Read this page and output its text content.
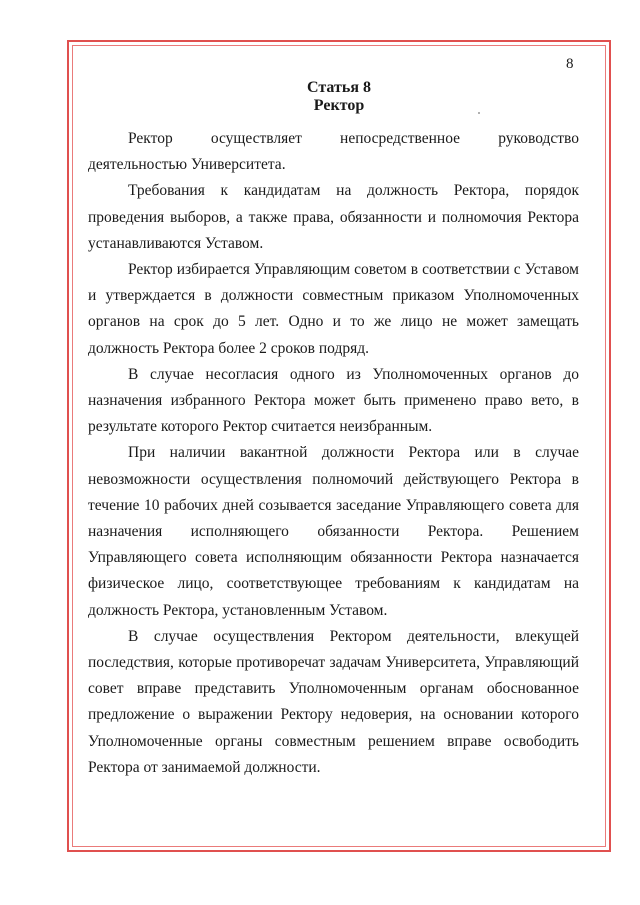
8
Статья 8
Ректор

Ректор осуществляет непосредственное руководство деятельностью Университета.

Требования к кандидатам на должность Ректора, порядок проведения выборов, а также права, обязанности и полномочия Ректора устанавливаются Уставом.

Ректор избирается Управляющим советом в соответствии с Уставом и утверждается в должности совместным приказом Уполномоченных органов на срок до 5 лет. Одно и то же лицо не может замещать должность Ректора более 2 сроков подряд.

В случае несогласия одного из Уполномоченных органов до назначения избранного Ректора может быть применено право вето, в результате которого Ректор считается неизбранным.

При наличии вакантной должности Ректора или в случае невозможности осуществления полномочий действующего Ректора в течение 10 рабочих дней созывается заседание Управляющего совета для назначения исполняющего обязанности Ректора. Решением Управляющего совета исполняющим обязанности Ректора назначается физическое лицо, соответствующее требованиям к кандидатам на должность Ректора, установленным Уставом.

В случае осуществления Ректором деятельности, влекущей последствия, которые противоречат задачам Университета, Управляющий совет вправе представить Уполномоченным органам обоснованное предложение о выражении Ректору недоверия, на основании которого Уполномоченные органы совместным решением вправе освободить Ректора от занимаемой должности.
